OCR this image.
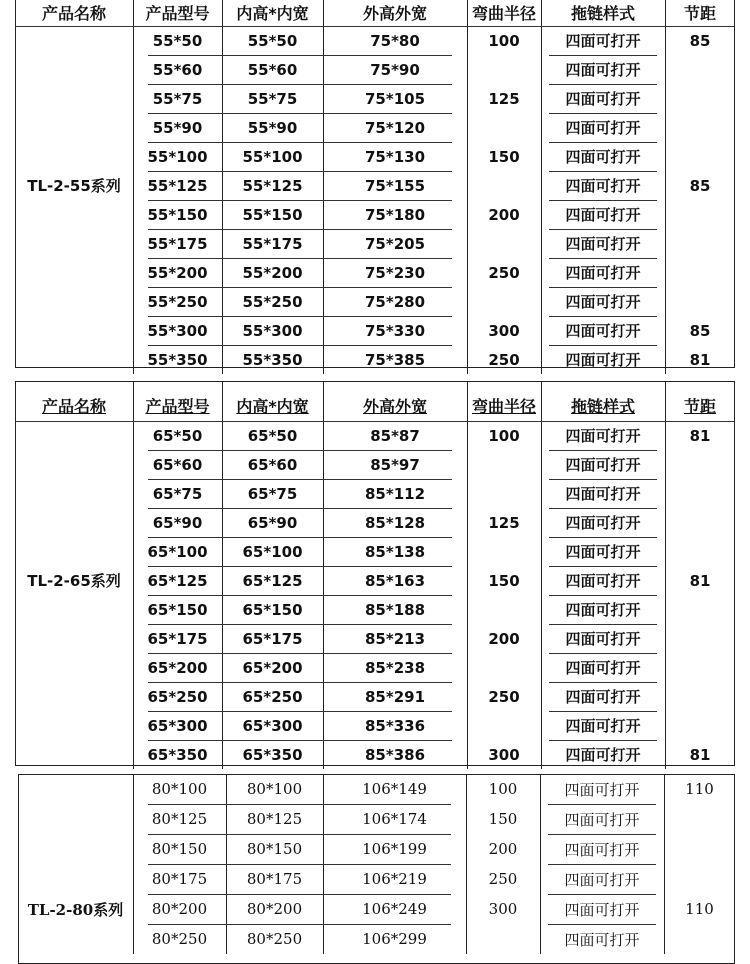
产品名称	产品型号	内高*内宽	外高外宽	弯曲半径	拖链样式	节距
TL-2-55系列
55*50	55*50	75*80	100	四面可打开	85
55*60	55*60	75*90	四面可打开
55*75	55*75	75*105	125	四面可打开
55*90	55*90	75*120	四面可打开
55*100	55*100	75*130	150	四面可打开
55*125	55*125	75*155	四面可打开	85
55*150	55*150	75*180	200	四面可打开
55*175	55*175	75*205	四面可打开
55*200	55*200	75*230	250	四面可打开
55*250	55*250	75*280	四面可打开
55*300	55*300	75*330	300	四面可打开	85
55*350	55*350	75*385	250	四面可打开	81
产品名称	产品型号	内高*内宽	外高外宽	弯曲半径	拖链样式	节距
TL-2-65系列
65*50	65*50	85*87	100	四面可打开	81
65*60	65*60	85*97	四面可打开
65*75	65*75	85*112	四面可打开
65*90	65*90	85*128	125	四面可打开
65*100	65*100	85*138	四面可打开
65*125	65*125	85*163	150	四面可打开	81
65*150	65*150	85*188	四面可打开
65*175	65*175	85*213	200	四面可打开
65*200	65*200	85*238	四面可打开
65*250	65*250	85*291	250	四面可打开
65*300	65*300	85*336	四面可打开
65*350	65*350	85*386	300	四面可打开	81
TL-2-80系列
80*100	80*100	106*149	100	四面可打开	110
80*125	80*125	106*174	150	四面可打开
80*150	80*150	106*199	200	四面可打开
80*175	80*175	106*219	250	四面可打开
80*200	80*200	106*249	300	四面可打开	110
80*250	80*250	106*299	四面可打开
